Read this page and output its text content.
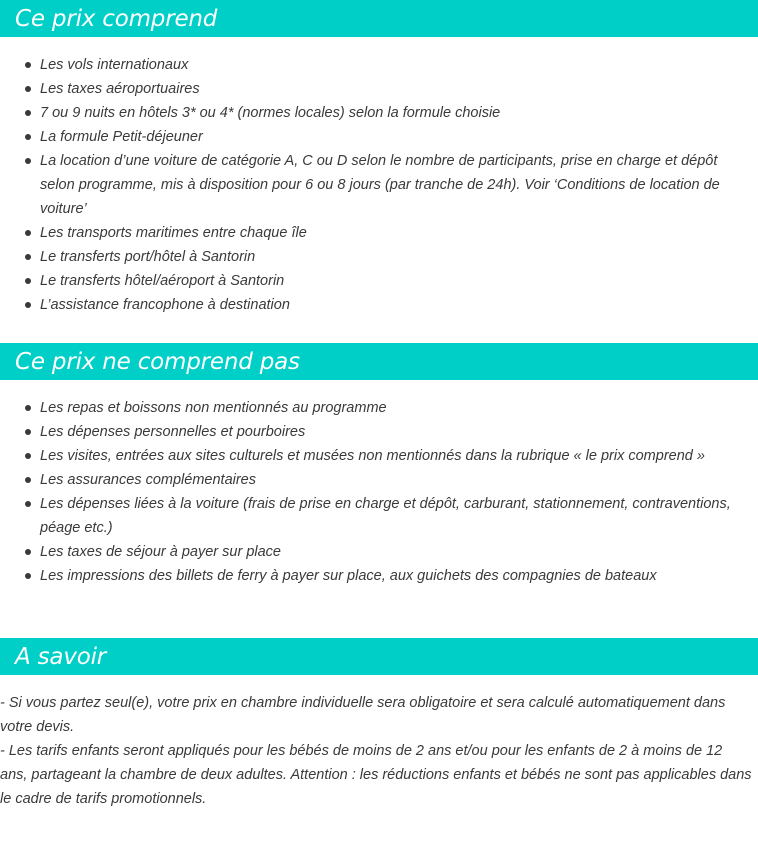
Ce prix comprend
Les vols internationaux
Les taxes aéroportuaires
7 ou 9 nuits en hôtels 3* ou 4* (normes locales) selon la formule choisie
La formule Petit-déjeuner
La location d’une voiture de catégorie A, C ou D selon le nombre de participants, prise en charge et dépôt selon programme, mis à disposition pour 6 ou 8 jours (par tranche de 24h). Voir ‘Conditions de location de voiture’
Les transports maritimes entre chaque île
Le transferts port/hôtel à Santorin
Le transferts hôtel/aéroport à Santorin
L’assistance francophone à destination
Ce prix ne comprend pas
Les repas et boissons non mentionnés au programme
Les dépenses personnelles et pourboires
Les visites, entrées aux sites culturels et musées non mentionnés dans la rubrique « le prix comprend »
Les assurances complémentaires
Les dépenses liées à la voiture (frais de prise en charge et dépôt, carburant, stationnement, contraventions, péage etc.)
Les taxes de séjour à payer sur place
Les impressions des billets de ferry à payer sur place, aux guichets des compagnies de bateaux
A savoir

- Si vous partez seul(e), votre prix en chambre individuelle sera obligatoire et sera calculé automatiquement dans votre devis.

- Les tarifs enfants seront appliqués pour les bébés de moins de 2 ans et/ou pour les enfants de 2 à moins de 12 ans, partageant la chambre de deux adultes. Attention : les réductions enfants et bébés ne sont pas applicables dans le cadre de tarifs promotionnels.
